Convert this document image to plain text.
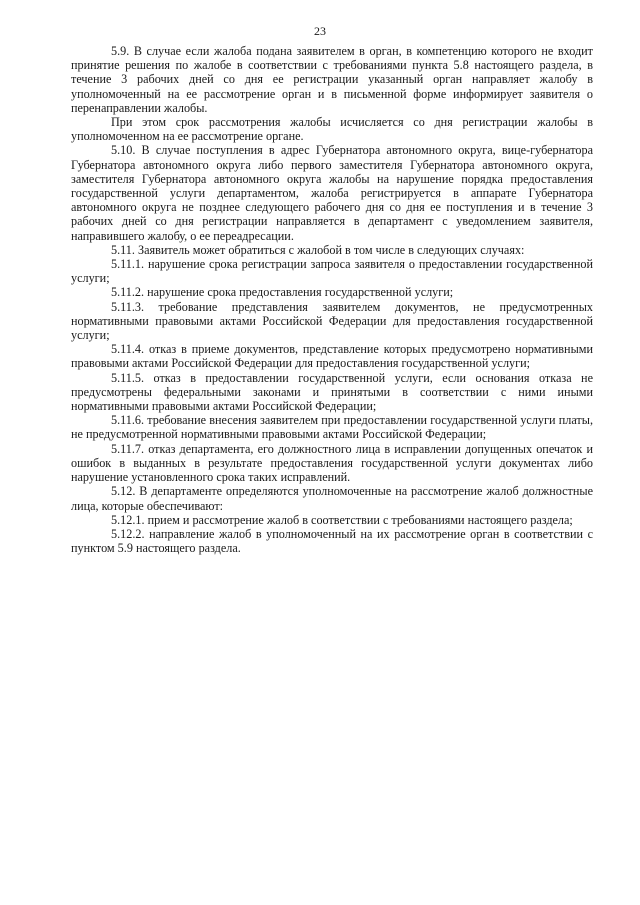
23

5.9. В случае если жалоба подана заявителем в орган, в компетенцию которого не входит принятие решения по жалобе в соответствии с требованиями пункта 5.8 настоящего раздела, в течение 3 рабочих дней со дня ее регистрации указанный орган направляет жалобу в уполномоченный на ее рассмотрение орган и в письменной форме информирует заявителя о перенаправлении жалобы.

При этом срок рассмотрения жалобы исчисляется со дня регистрации жалобы в уполномоченном на ее рассмотрение органе.

5.10. В случае поступления в адрес Губернатора автономного округа, вице-губернатора Губернатора автономного округа либо первого заместителя Губернатора автономного округа, заместителя Губернатора автономного округа жалобы на нарушение порядка предоставления государственной услуги департаментом, жалоба регистрируется в аппарате Губернатора автономного округа не позднее следующего рабочего дня со дня ее поступления и в течение 3 рабочих дней со дня регистрации направляется в департамент с уведомлением заявителя, направившего жалобу, о ее переадресации.

5.11. Заявитель может обратиться с жалобой в том числе в следующих случаях:

5.11.1. нарушение срока регистрации запроса заявителя о предоставлении государственной услуги;

5.11.2. нарушение срока предоставления государственной услуги;

5.11.3. требование представления заявителем документов, не предусмотренных нормативными правовыми актами Российской Федерации для предоставления государственной услуги;

5.11.4. отказ в приеме документов, представление которых предусмотрено нормативными правовыми актами Российской Федерации для предоставления государственной услуги;

5.11.5. отказ в предоставлении государственной услуги, если основания отказа не предусмотрены федеральными законами и принятыми в соответствии с ними иными нормативными правовыми актами Российской Федерации;

5.11.6. требование внесения заявителем при предоставлении государственной услуги платы, не предусмотренной нормативными правовыми актами Российской Федерации;

5.11.7. отказ департамента, его должностного лица в исправлении допущенных опечаток и ошибок в выданных в результате предоставления государственной услуги документах либо нарушение установленного срока таких исправлений.

5.12. В департаменте определяются уполномоченные на рассмотрение жалоб должностные лица, которые обеспечивают:

5.12.1. прием и рассмотрение жалоб в соответствии с требованиями настоящего раздела;

5.12.2. направление жалоб в уполномоченный на их рассмотрение орган в соответствии с пунктом 5.9 настоящего раздела.
